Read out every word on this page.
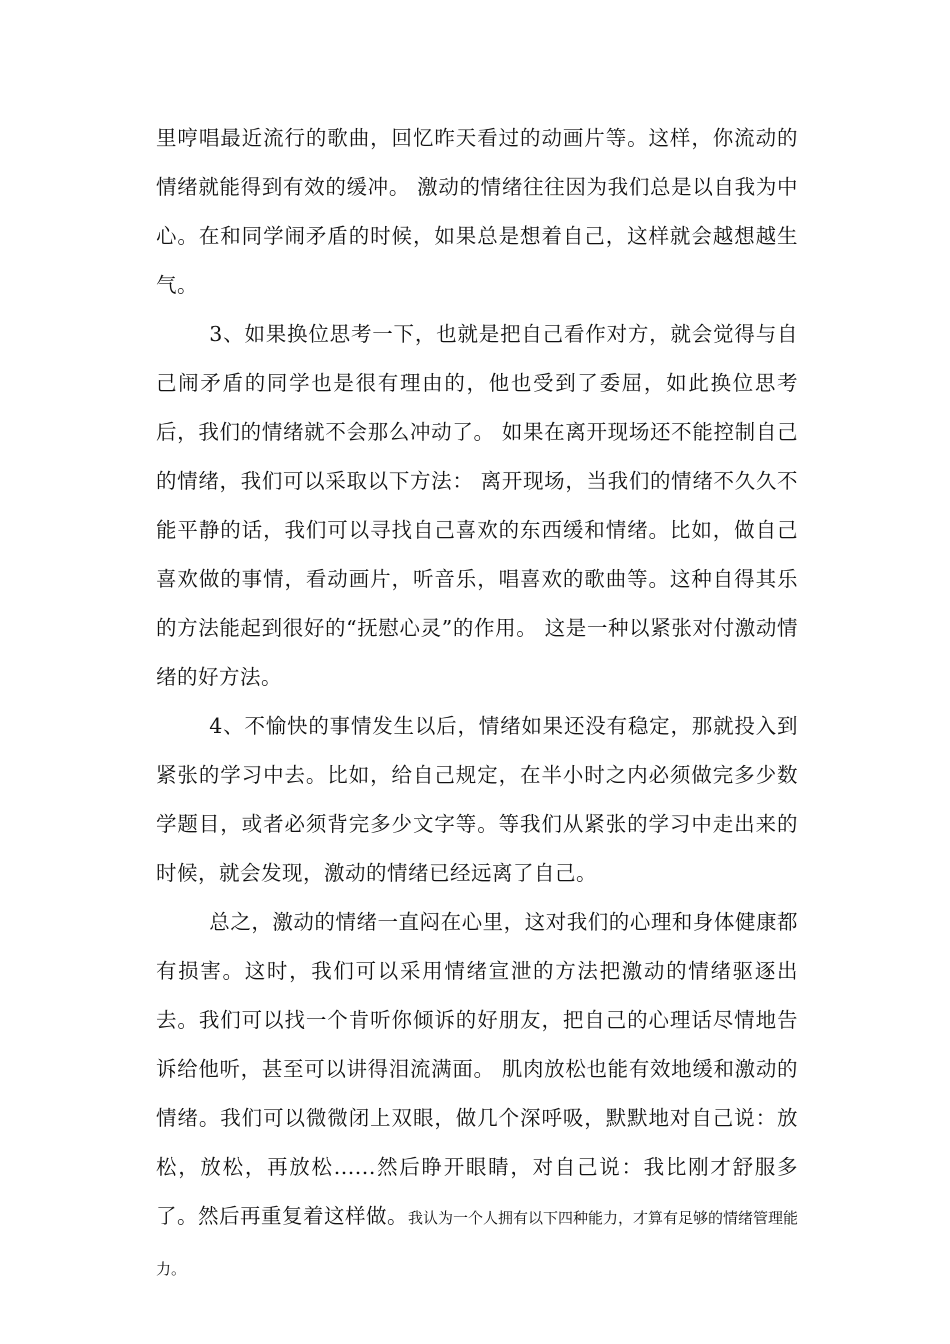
里哼唱最近流行的歌曲，回忆昨天看过的动画片等。这样，你流动的情绪就能得到有效的缓冲。 激动的情绪往往因为我们总是以自我为中心。在和同学闹矛盾的时候，如果总是想着自己，这样就会越想越生气。

3、如果换位思考一下，也就是把自己看作对方，就会觉得与自己闹矛盾的同学也是很有理由的，他也受到了委屈，如此换位思考后，我们的情绪就不会那么冲动了。 如果在离开现场还不能控制自己的情绪，我们可以采取以下方法： 离开现场，当我们的情绪不久久不能平静的话，我们可以寻找自己喜欢的东西缓和情绪。比如，做自己喜欢做的事情，看动画片，听音乐，唱喜欢的歌曲等。这种自得其乐的方法能起到很好的“抚慰心灵”的作用。 这是一种以紧张对付激动情绪的好方法。

4、不愉快的事情发生以后，情绪如果还没有稳定，那就投入到紧张的学习中去。比如，给自己规定，在半小时之内必须做完多少数学题目，或者必须背完多少文字等。等我们从紧张的学习中走出来的时候，就会发现，激动的情绪已经远离了自己。

总之，激动的情绪一直闷在心里，这对我们的心理和身体健康都有损害。这时，我们可以采用情绪宣泄的方法把激动的情绪驱逐出去。我们可以找一个肯听你倾诉的好朋友，把自己的心理话尽情地告诉给他听，甚至可以讲得泪流满面。 肌肉放松也能有效地缓和激动的情绪。我们可以微微闭上双眼，做几个深呼吸，默默地对自己说：放松，放松，再放松......然后睁开眼睛，对自己说：我比刚才舒服多了。然后再重复着这样做。我认为一个人拥有以下四种能力，才算有足够的情绪管理能力。
